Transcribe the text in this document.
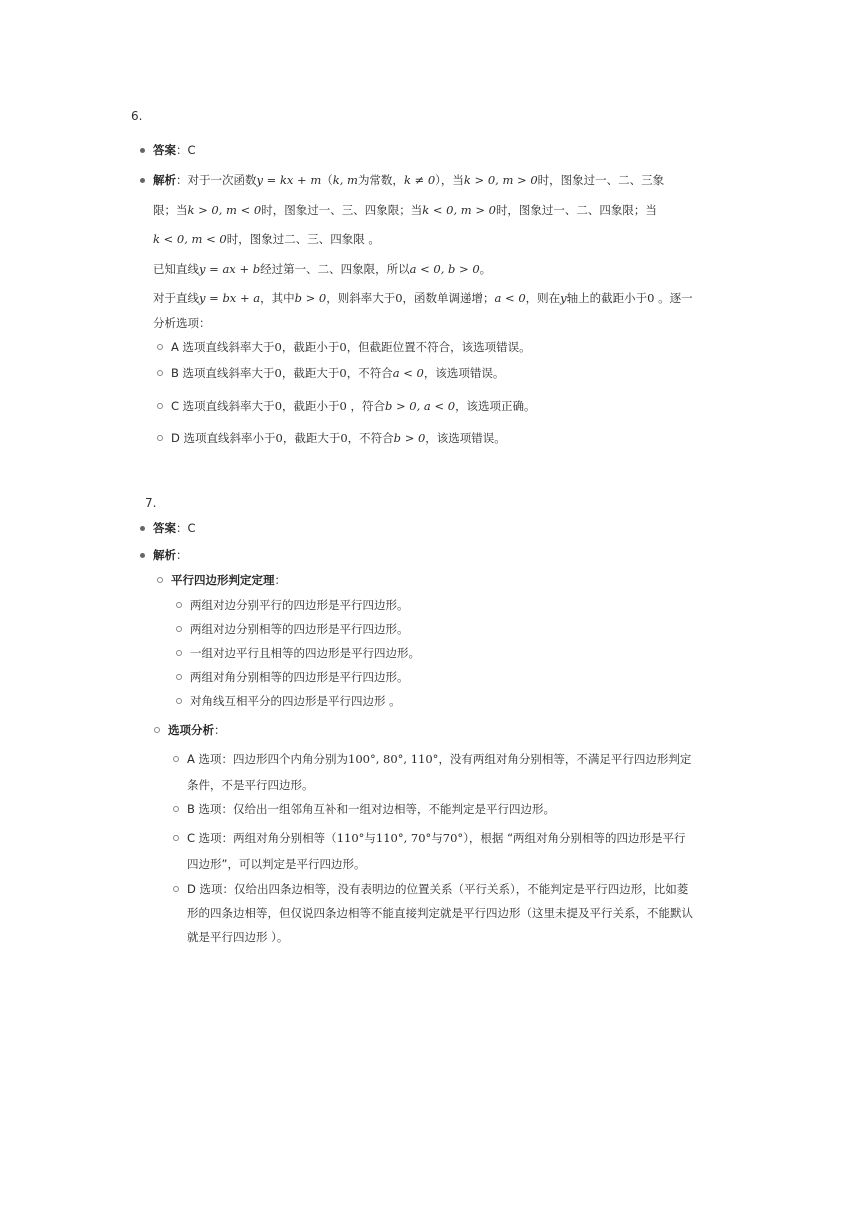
6.
答案：C
解析：对于一次函数y = kx + m（k, m为常数，k ≠ 0），当k > 0, m > 0时，图象过一、二、三象
限；当k > 0, m < 0时，图象过一、三、四象限；当k < 0, m > 0时，图象过一、二、四象限；当
k < 0, m < 0时，图象过二、三、四象限 。
已知直线y = ax + b经过第一、二、四象限，所以a < 0, b > 0。
对于直线y = bx + a，其中b > 0，则斜率大于0，函数单调递增；a < 0，则在y轴上的截距小于0 。逐一
分析选项：
A 选项直线斜率大于0，截距小于0，但截距位置不符合，该选项错误。
B 选项直线斜率大于0，截距大于0，不符合a < 0，该选项错误。
C 选项直线斜率大于0，截距小于0 ，符合b > 0, a < 0，该选项正确。
D 选项直线斜率小于0，截距大于0，不符合b > 0，该选项错误。
7.
答案：C
解析：
平行四边形判定定理：
两组对边分别平行的四边形是平行四边形。
两组对边分别相等的四边形是平行四边形。
一组对边平行且相等的四边形是平行四边形。
两组对角分别相等的四边形是平行四边形。
对角线互相平分的四边形是平行四边形 。
选项分析：
A 选项：四边形四个内角分别为100°, 80°, 110°，没有两组对角分别相等，不满足平行四边形判定
条件，不是平行四边形。
B 选项：仅给出一组邻角互补和一组对边相等，不能判定是平行四边形。
C 选项：两组对角分别相等（110°与110°, 70°与70°），根据 “两组对角分别相等的四边形是平行
四边形”，可以判定是平行四边形。
D 选项：仅给出四条边相等，没有表明边的位置关系（平行关系），不能判定是平行四边形，比如菱
形的四条边相等，但仅说四条边相等不能直接判定就是平行四边形（这里未提及平行关系，不能默认
就是平行四边形 ）。
